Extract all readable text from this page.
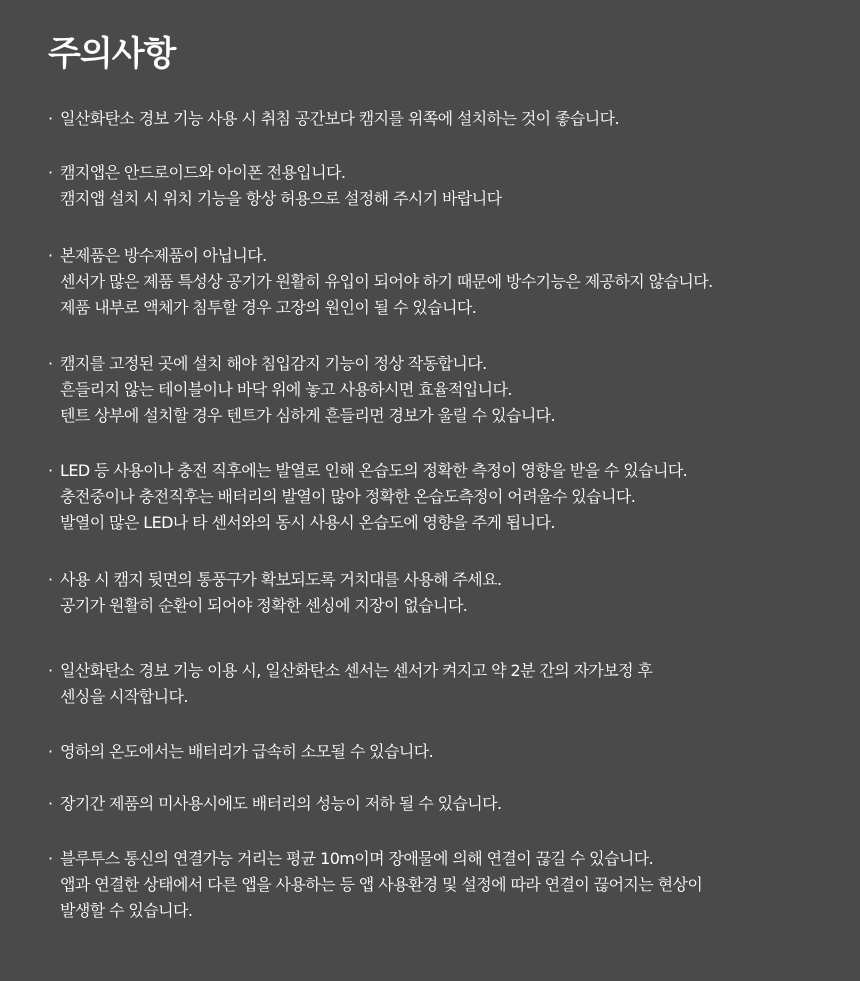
주의사항
· 일산화탄소 경보 기능 사용 시 취침 공간보다 캠지를 위쪽에 설치하는 것이 좋습니다.
· 캠지앱은 안드로이드와 아이폰 전용입니다.
캠지앱 설치 시 위치 기능을 항상 허용으로 설정해 주시기 바랍니다
· 본제품은 방수제품이 아닙니다.
센서가 많은 제품 특성상 공기가 원활히 유입이 되어야 하기 때문에 방수기능은 제공하지 않습니다.
제품 내부로 액체가 침투할 경우 고장의 원인이 될 수 있습니다.
· 캠지를 고정된 곳에 설치 해야 침입감지 기능이 정상 작동합니다.
흔들리지 않는 테이블이나 바닥 위에 놓고 사용하시면 효율적입니다.
텐트 상부에 설치할 경우 텐트가 심하게 흔들리면 경보가 울릴 수 있습니다.
· LED 등 사용이나 충전 직후에는 발열로 인해 온습도의 정확한 측정이 영향을 받을 수 있습니다.
충전중이나 충전직후는 배터리의 발열이 많아 정확한 온습도측정이 어려울수 있습니다.
발열이 많은 LED나 타 센서와의 동시 사용시 온습도에 영향을 주게 됩니다.
· 사용 시 캠지 뒷면의 통풍구가 확보되도록 거치대를 사용해 주세요.
공기가 원활히 순환이 되어야 정확한 센싱에 지장이 없습니다.
· 일산화탄소 경보 기능 이용 시, 일산화탄소 센서는 센서가 켜지고 약 2분 간의 자가보정 후
센싱을 시작합니다.
· 영하의 온도에서는 배터리가 급속히 소모될 수 있습니다.
· 장기간 제품의 미사용시에도 배터리의 성능이 저하 될 수 있습니다.
· 블루투스 통신의 연결가능 거리는 평균 10m이며 장애물에 의해 연결이 끊길 수 있습니다.
앱과 연결한 상태에서 다른 앱을 사용하는 등 앱 사용환경 및 설정에 따라 연결이 끊어지는 현상이
발생할 수 있습니다.
